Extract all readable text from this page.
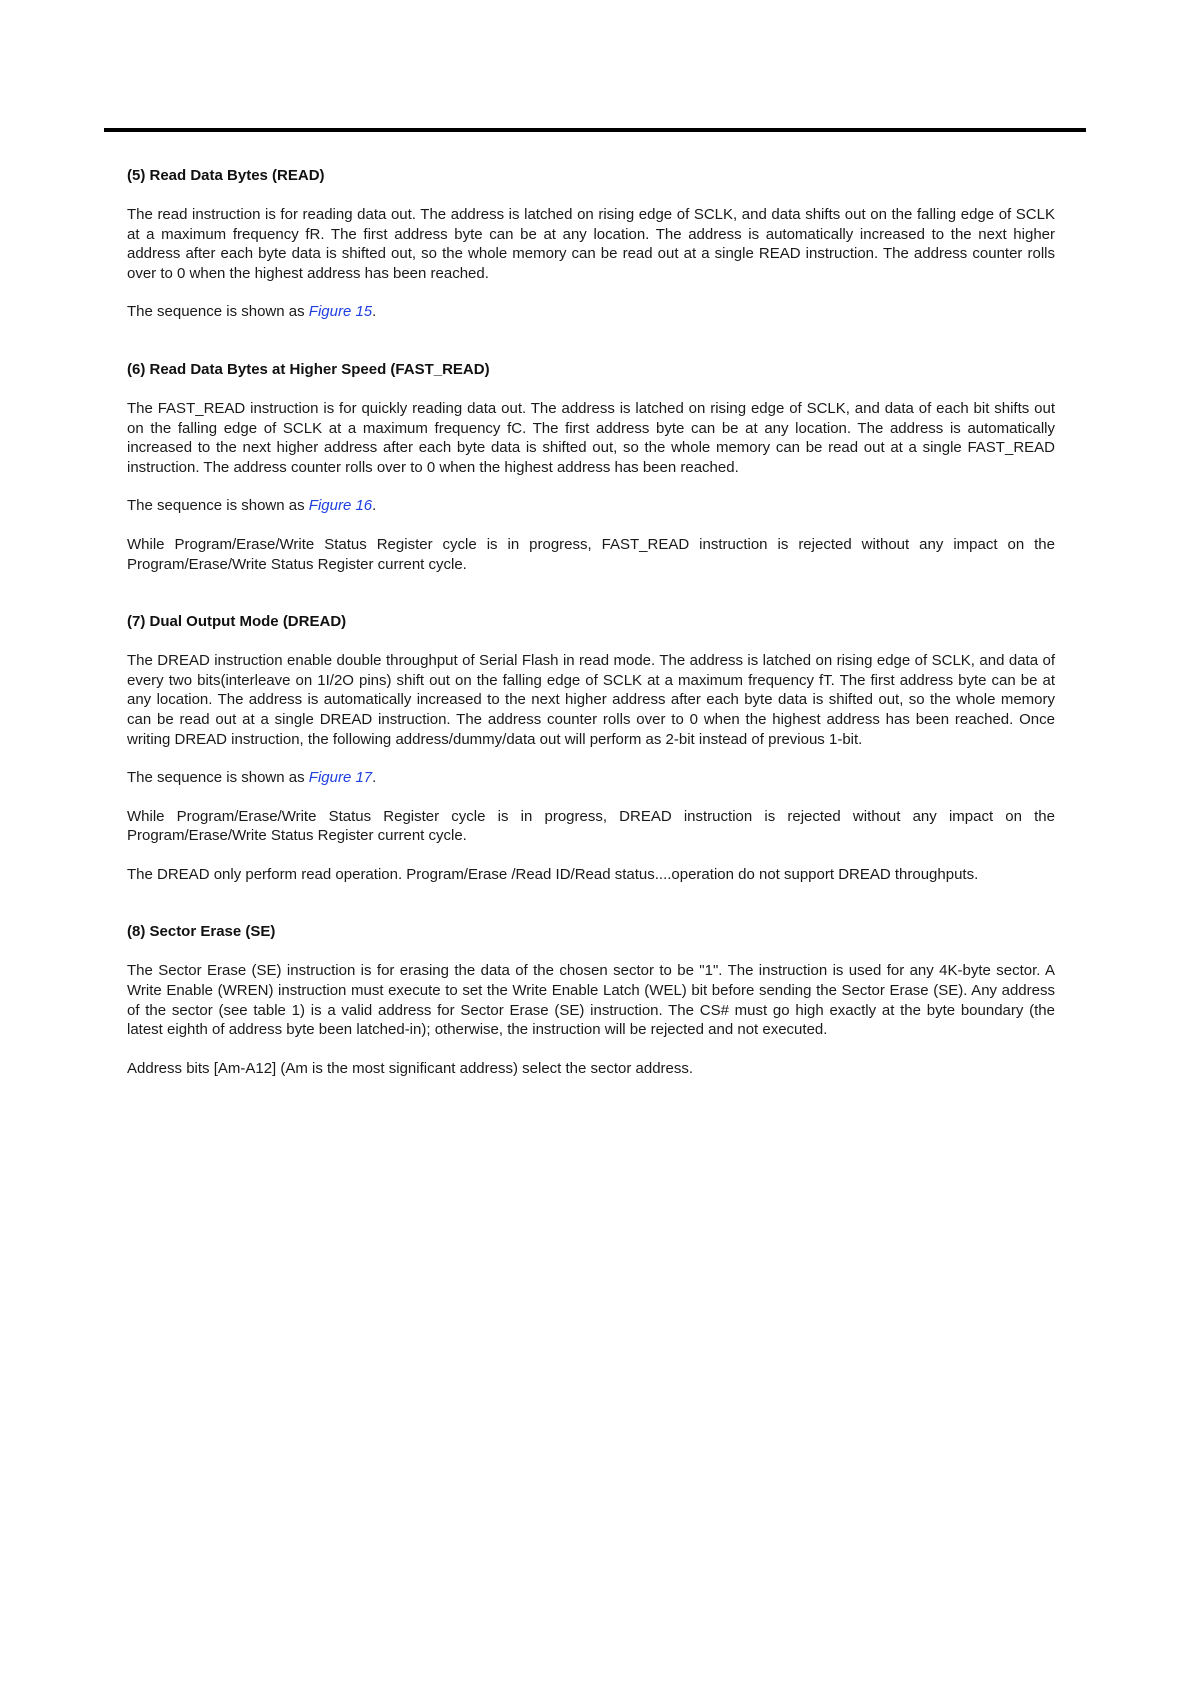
(5) Read Data Bytes (READ)

The read instruction is for reading data out. The address is latched on rising edge of SCLK, and data shifts out on the falling edge of SCLK at a maximum frequency fR. The first address byte can be at any location. The address is automatically increased to the next higher address after each byte data is shifted out, so the whole memory can be read out at a single READ instruction. The address counter rolls over to 0 when the highest address has been reached.

The sequence is shown as Figure 15.

(6) Read Data Bytes at Higher Speed (FAST_READ)

The FAST_READ instruction is for quickly reading data out. The address is latched on rising edge of SCLK, and data of each bit shifts out on the falling edge of SCLK at a maximum frequency fC. The first address byte can be at any location. The address is automatically increased to the next higher address after each byte data is shifted out, so the whole memory can be read out at a single FAST_READ instruction. The address counter rolls over to 0 when the highest address has been reached.

The sequence is shown as Figure 16.

While Program/Erase/Write Status Register cycle is in progress, FAST_READ instruction is rejected without any impact on the Program/Erase/Write Status Register current cycle.

(7) Dual Output Mode (DREAD)

The DREAD instruction enable double throughput of Serial Flash in read mode. The address is latched on rising edge of SCLK, and data of every two bits(interleave on 1I/2O pins) shift out on the falling edge of SCLK at a maximum frequency fT. The first address byte can be at any location. The address is automatically increased to the next higher address after each byte data is shifted out, so the whole memory can be read out at a single DREAD instruction. The address counter rolls over to 0 when the highest address has been reached. Once writing DREAD instruction, the following address/dummy/data out will perform as 2-bit instead of previous 1-bit.

The sequence is shown as Figure 17.

While Program/Erase/Write Status Register cycle is in progress, DREAD instruction is rejected without any impact on the Program/Erase/Write Status Register current cycle.

The DREAD only perform read operation. Program/Erase /Read ID/Read status....operation do not support DREAD throughputs.

(8) Sector Erase (SE)

The Sector Erase (SE) instruction is for erasing the data of the chosen sector to be "1". The instruction is used for any 4K-byte sector. A Write Enable (WREN) instruction must execute to set the Write Enable Latch (WEL) bit before sending the Sector Erase (SE). Any address of the sector (see table 1) is a valid address for Sector Erase (SE) instruction. The CS# must go high exactly at the byte boundary (the latest eighth of address byte been latched-in); otherwise, the instruction will be rejected and not executed.

Address bits [Am-A12] (Am is the most significant address) select the sector address.
